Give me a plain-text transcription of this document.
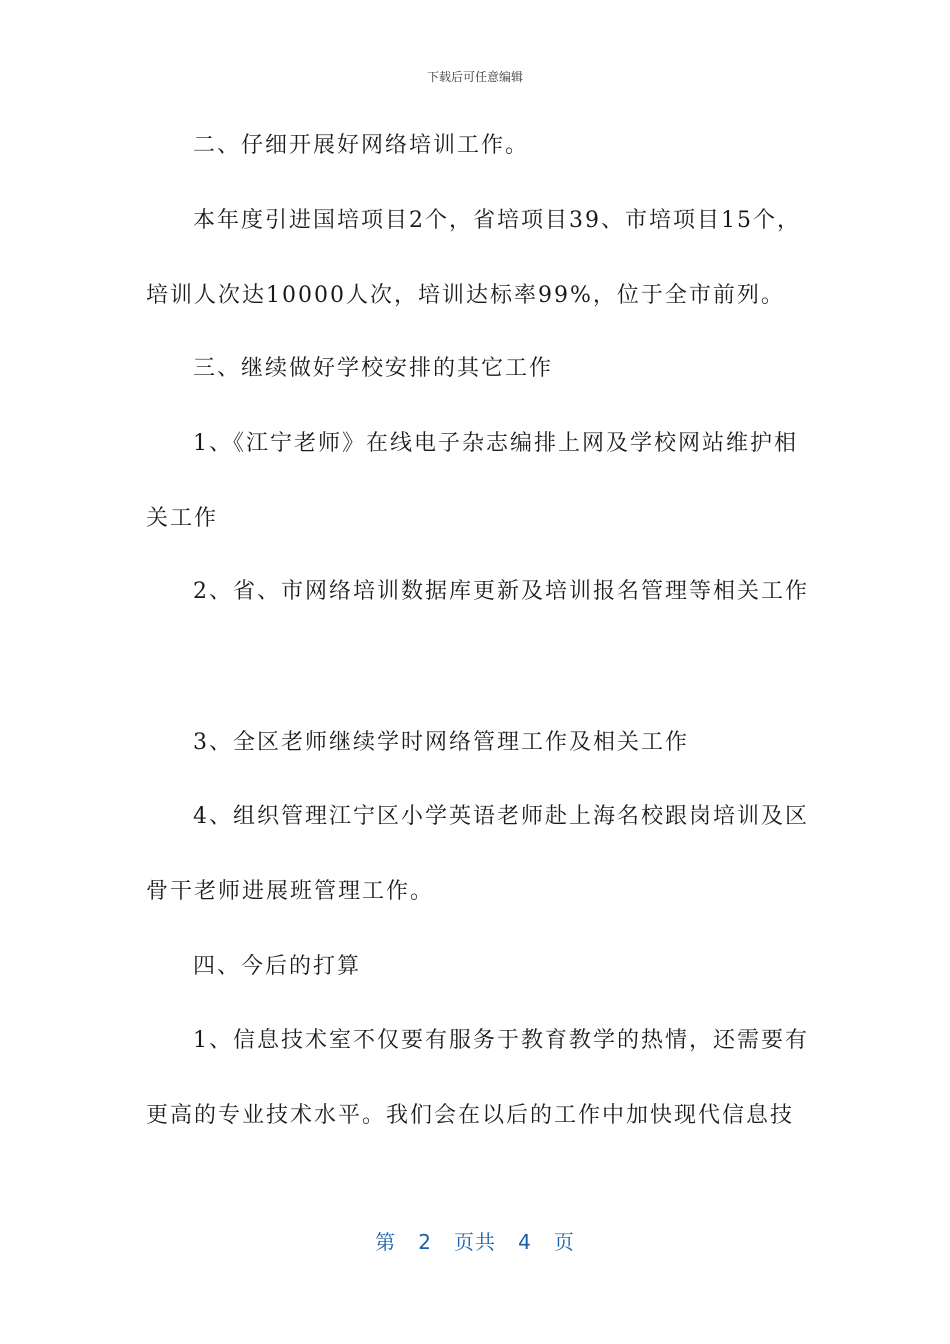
下载后可任意编辑
二、仔细开展好网络培训工作。
本年度引进国培项目2个，省培项目39、市培项目15个，
培训人次达10000人次，培训达标率99%，位于全市前列。
三、继续做好学校安排的其它工作
1、《江宁老师》在线电子杂志编排上网及学校网站维护相
关工作
2、省、市网络培训数据库更新及培训报名管理等相关工作
3、全区老师继续学时网络管理工作及相关工作
4、组织管理江宁区小学英语老师赴上海名校跟岗培训及区
骨干老师进展班管理工作。
四、今后的打算
1、信息技术室不仅要有服务于教育教学的热情，还需要有
更高的专业技术水平。我们会在以后的工作中加快现代信息技
第 2 页共 4 页
